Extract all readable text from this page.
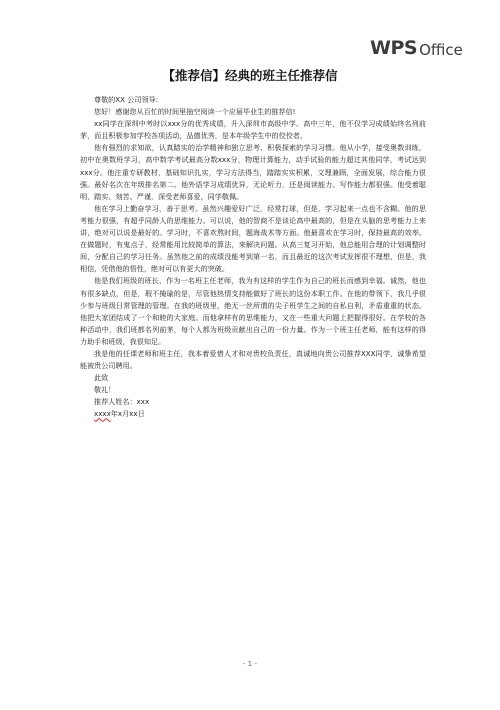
WPS Office
【推荐信】经典的班主任推荐信

尊敬的XX 公司领导:

您好！感谢您从百忙的时间里抽空阅读一个应届毕业生的推荐信!

xx同学在深圳中考时以xxx分的优秀成绩，升入深圳市高级中学。高中三年，他不仅学习成绩始终名列前茅，而且积极参加学校各项活动，品德优秀，是本年级学生中的佼佼者。

他有强烈的求知欲，认真踏实的治学精神和独立思考、积极探索的学习习惯。他从小学，接受奥数训练，初中在奥数班学习，高中数学考试最高分数xxx分，物理计算能力，动手试验的能力超过其他同学，考试达到xxx分。他注重专研教材，基础知识扎实，学习方法得当，踏踏实实积累，文理兼顾，全面发展，综合能力很强。最好名次在年级排名第二。他外语学习成绩优异，无论听力，还是阅读能力、写作能力都很强。他受着聪明、踏实、刻苦、严谨，深受老师喜爱，同学敬佩。

他在学习上勤奋学习，善于思考。虽然兴趣爱好广泛，经常打球，但是，学习起来一点也不含糊。他的思考能力很强，有超乎同龄人的思维能力。可以说，他的智商不是谈论高中最高的，但是在头脑的思考能力上来讲，绝对可以说是最好的。学习时，不喜欢熬时间，题海战术等方面。他最喜欢在学习时，保持最高的效率。在做题时，有鬼点子，经常能用比较简单的算法，来解决问题。从高三复习开始，他总能用合理的计划调整时间，分配自己的学习任务。虽然他之前的成绩没能考到第一名，而且最近的这次考试发挥很不理想，但是，我相信，凭借他的悟性，绝对可以有更大的突破。

他是我们班级的班长，作为一名班主任老师，我为有这样的学生作为自己的班长而感到幸福。诚然，他也有很多缺点，但是，瑕不掩瑜的是，尽管他热情支持能做好了班长的这份本职工作。在他的带领下，我几乎很少参与班级日常管理的管理。在我的班级里，绝无一丝所谓的尖子班学生之间的自私自利，矛盾重重的状态。他把大家团结成了一个和睦的大家庭。而他拿样有的思维能力，又在一些重大问题上把握得很好。在学校的各种活动中，我们班都名列前茅，每个人都为班级贡献出自己的一份力量。作为一个班主任老师，能有这样的得力助手和班级，我很知足。

我是他的任课老师和班主任，我本着爱惜人才和对贵校负责任，真诚地向贵公司推荐XXX同学，诚挚希望能被贵公司聘用。

此致

敬礼！

推荐人姓名：xxx

xxxx年x月xx日

- 1 -
